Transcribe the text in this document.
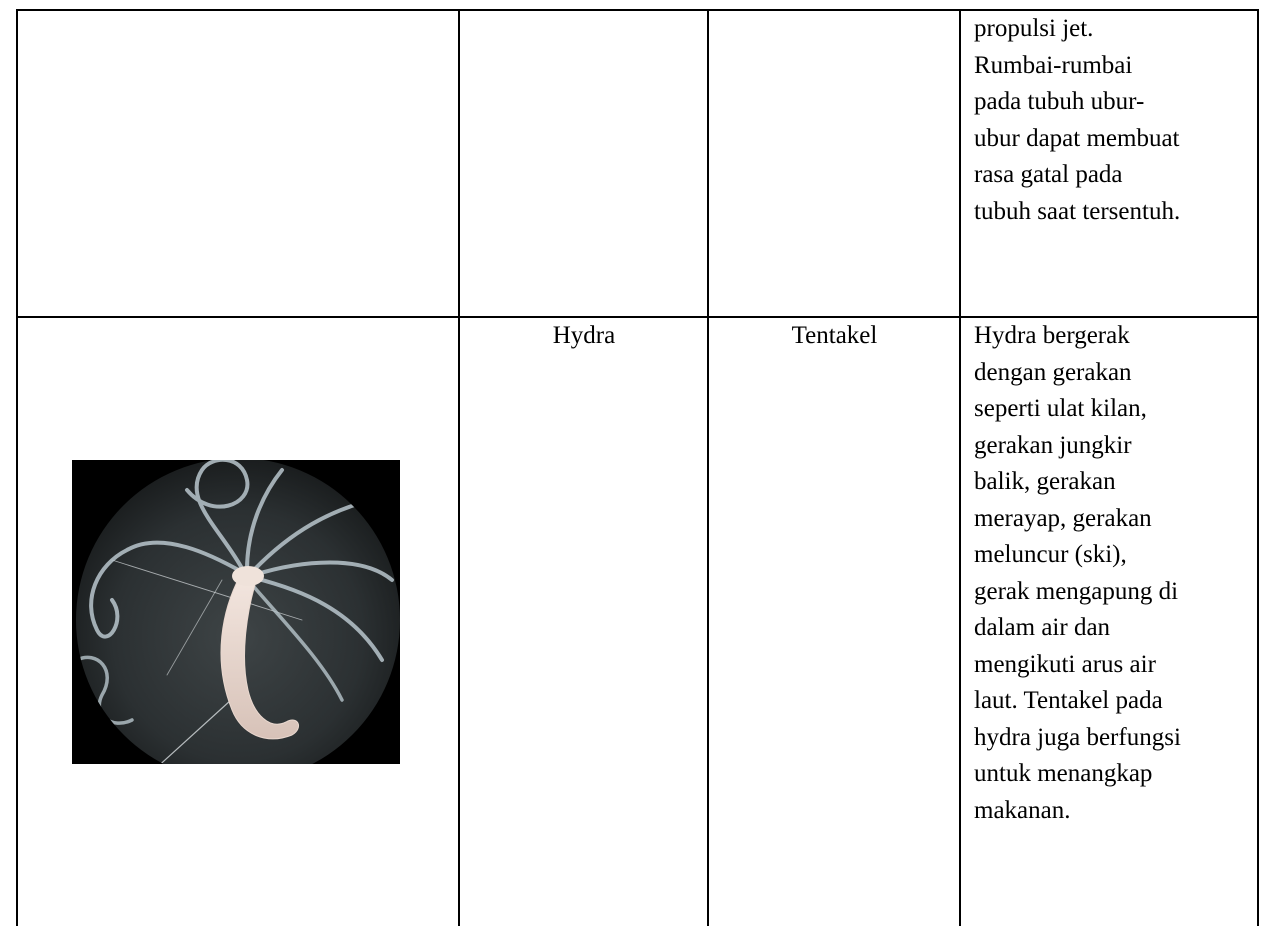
propulsi jet.
Rumbai-rumbai
pada tubuh ubur-
ubur dapat membuat
rasa gatal pada
tubuh saat tersentuh.
Hydra	Tentakel	Hydra bergerak
dengan gerakan
seperti ulat kilan,
gerakan jungkir
balik, gerakan
merayap, gerakan
meluncur (ski),
gerak mengapung di
dalam air dan
mengikuti arus air
laut. Tentakel pada
hydra juga berfungsi
untuk menangkap
makanan.
